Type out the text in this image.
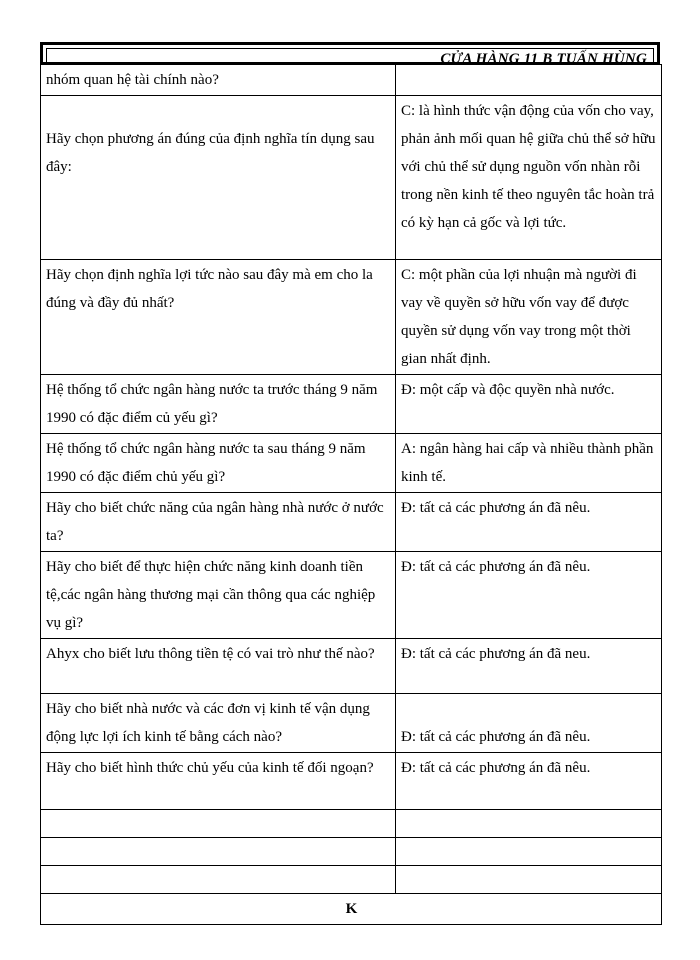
CỬA HÀNG 11 B TUẤN HÙNG
nhóm quan hệ tài chính nào?	

Hãy chọn phương án đúng của định nghĩa tín dụng sau đây:	C: là hình thức vận động của vốn cho vay, phản ảnh mối quan hệ giữa chủ thể sở hữu với chủ thể sử dụng nguồn vốn nhàn rỗi trong nền kinh tế theo nguyên tắc hoàn trả có kỳ hạn cả gốc và lợi tức.
Hãy chọn định nghĩa lợi tức nào sau đây mà em cho la đúng và đầy đủ nhất?	C: một phần của lợi nhuận mà người đi vay về quyền sở hữu vốn vay để được quyền sử dụng vốn vay trong một thời gian nhất định.
Hệ thống tổ chức ngân hàng nước ta trước tháng 9 năm 1990 có đặc điểm củ yếu gì?	Đ: một cấp và độc quyền nhà nước.
Hệ thống tổ chức ngân hàng nước ta sau tháng 9 năm 1990 có đặc điểm chủ yếu gì?	A: ngân hàng hai cấp và nhiều thành phần kinh tế.
Hãy cho biết chức năng của ngân hàng nhà nước ở nước ta?	Đ: tất cả các phương án đã nêu.
Hãy cho biết để thực hiện chức năng kinh doanh tiền tệ,các ngân hàng thương mại cần thông qua các nghiệp vụ gì?	Đ: tất cả các phương án đã nêu.
Ahyx cho biết lưu thông tiền tệ có vai trò như thế nào?	Đ: tất cả các phương án đã neu.
Hãy cho biết nhà nước và các đơn vị kinh tế vận dụng động lực lợi ích kinh tế bằng cách nào?	Đ: tất cả các phương án đã nêu.
Hãy cho biết hình thức chủ yếu của kinh tế đối ngoạn?	Đ: tất cả các phương án đã nêu.

K	
